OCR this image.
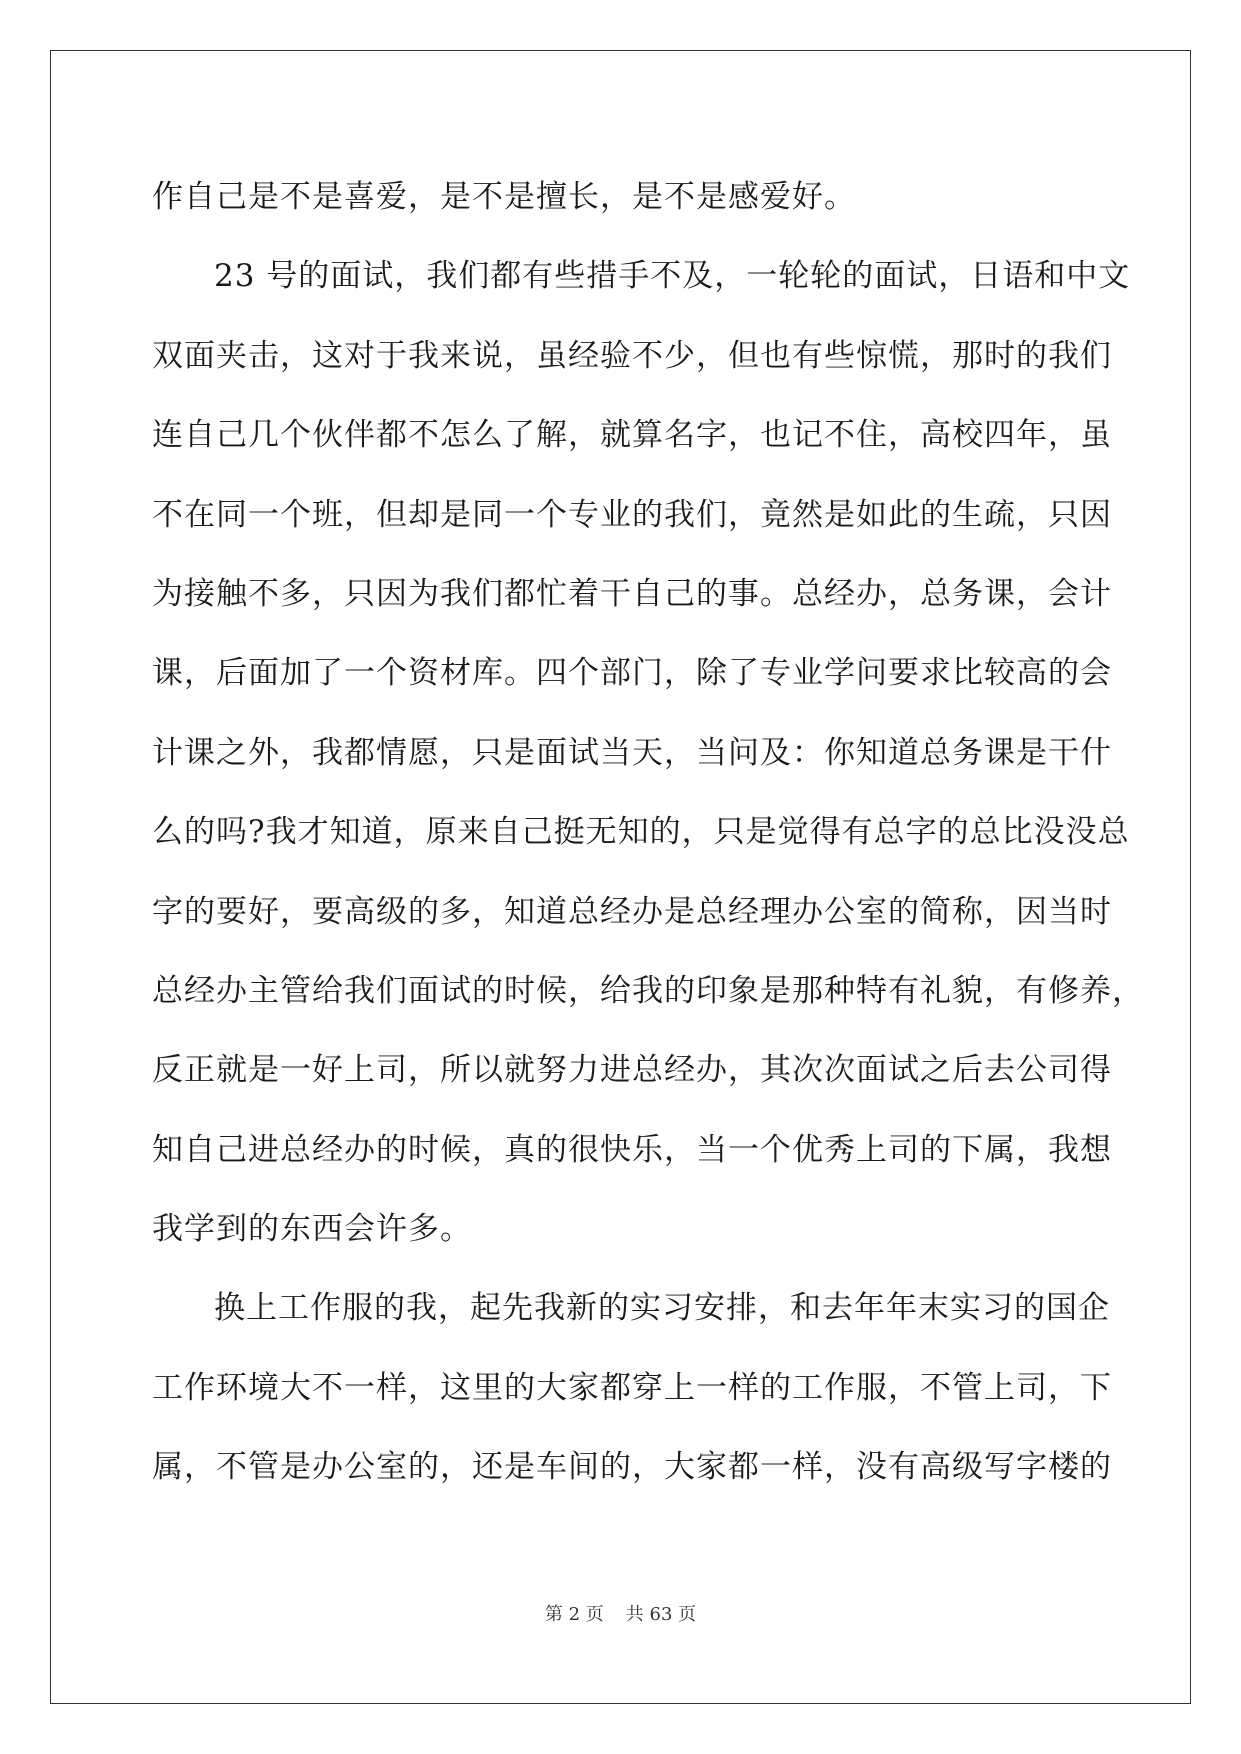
作自己是不是喜爱，是不是擅长，是不是感爱好。
23 号的面试，我们都有些措手不及，一轮轮的面试，日语和中文
双面夹击，这对于我来说，虽经验不少，但也有些惊慌，那时的我们
连自己几个伙伴都不怎么了解，就算名字，也记不住，高校四年，虽
不在同一个班，但却是同一个专业的我们，竟然是如此的生疏，只因
为接触不多，只因为我们都忙着干自己的事。总经办，总务课，会计
课，后面加了一个资材库。四个部门，除了专业学问要求比较高的会
计课之外，我都情愿，只是面试当天，当问及：你知道总务课是干什
么的吗?我才知道，原来自己挺无知的，只是觉得有总字的总比没没总
字的要好，要高级的多，知道总经办是总经理办公室的简称，因当时
总经办主管给我们面试的时候，给我的印象是那种特有礼貌，有修养，
反正就是一好上司，所以就努力进总经办，其次次面试之后去公司得
知自己进总经办的时候，真的很快乐，当一个优秀上司的下属，我想
我学到的东西会许多。
换上工作服的我，起先我新的实习安排，和去年年末实习的国企
工作环境大不一样，这里的大家都穿上一样的工作服，不管上司，下
属，不管是办公室的，还是车间的，大家都一样，没有高级写字楼的
第 2 页 共 63 页
